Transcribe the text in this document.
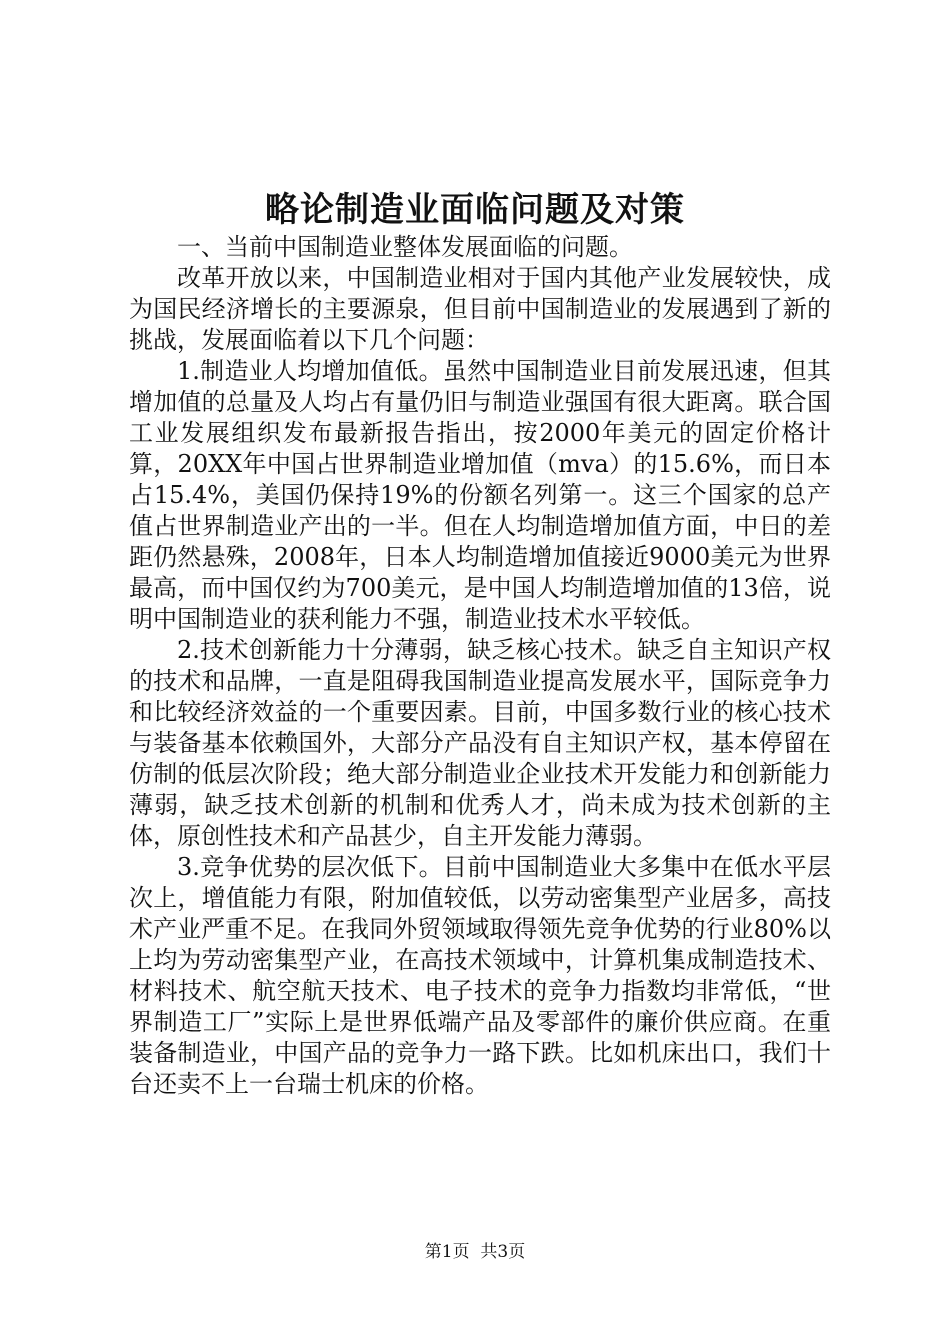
略论制造业面临问题及对策

一、当前中国制造业整体发展面临的问题。

改革开放以来，中国制造业相对于国内其他产业发展较快，成为国民经济增长的主要源泉，但目前中国制造业的发展遇到了新的挑战，发展面临着以下几个问题：

1.制造业人均增加值低。虽然中国制造业目前发展迅速，但其增加值的总量及人均占有量仍旧与制造业强国有很大距离。联合国工业发展组织发布最新报告指出，按2000年美元的固定价格计算，20XX年中国占世界制造业增加值（mva）的15.6%，而日本占15.4%，美国仍保持19%的份额名列第一。这三个国家的总产值占世界制造业产出的一半。但在人均制造增加值方面，中日的差距仍然悬殊，2008年，日本人均制造增加值接近9000美元为世界最高，而中国仅约为700美元，是中国人均制造增加值的13倍，说明中国制造业的获利能力不强，制造业技术水平较低。

2.技术创新能力十分薄弱，缺乏核心技术。缺乏自主知识产权的技术和品牌，一直是阻碍我国制造业提高发展水平，国际竞争力和比较经济效益的一个重要因素。目前，中国多数行业的核心技术与装备基本依赖国外，大部分产品没有自主知识产权，基本停留在仿制的低层次阶段；绝大部分制造业企业技术开发能力和创新能力薄弱，缺乏技术创新的机制和优秀人才，尚未成为技术创新的主体，原创性技术和产品甚少，自主开发能力薄弱。

3.竞争优势的层次低下。目前中国制造业大多集中在低水平层次上，增值能力有限，附加值较低，以劳动密集型产业居多，高技术产业严重不足。在我同外贸领域取得领先竞争优势的行业80%以上均为劳动密集型产业，在高技术领域中，计算机集成制造技术、材料技术、航空航天技术、电子技术的竞争力指数均非常低，“世界制造工厂”实际上是世界低端产品及零部件的廉价供应商。在重装备制造业，中国产品的竞争力一路下跌。比如机床出口，我们十台还卖不上一台瑞士机床的价格。

第1页 共3页
